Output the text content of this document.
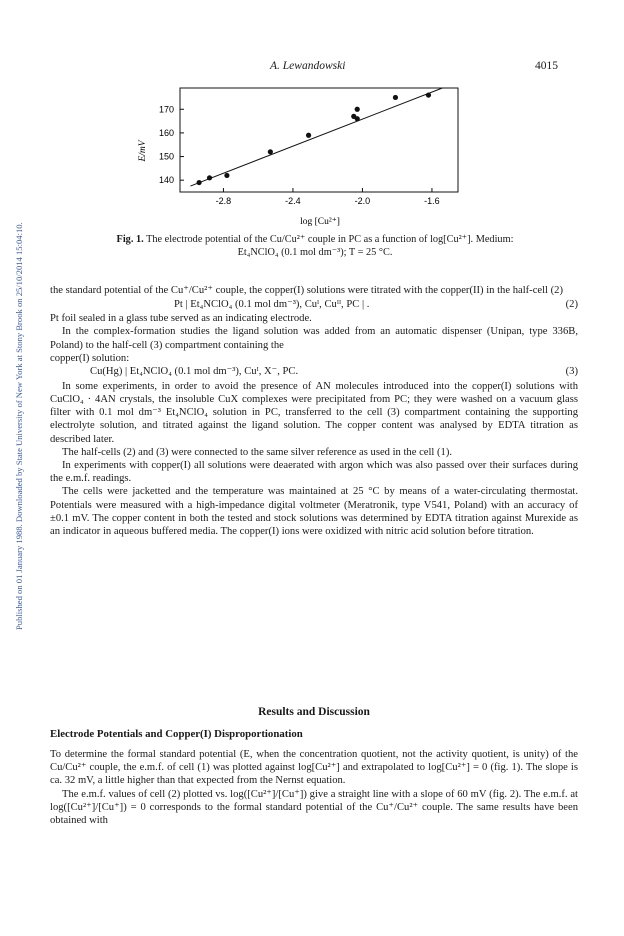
Published on 01 January 1988. Downloaded by State University of New York at Stony Brook on 25/10/2014 15:04:10.
A. Lewandowski	4015
-2.8	-2.4	-2.0	-1.6
140
150
160
170
E/mV
log [Cu²⁺]
Fig. 1. The electrode potential of the Cu/Cu²⁺ couple in PC as a function of log[Cu²⁺]. Medium:
Et₄NClO₄ (0.1 mol dm⁻³); T = 25 °C.

the standard potential of the Cu⁺/Cu²⁺ couple, the copper(I) solutions were titrated with the copper(II) in the half-cell (2)

Pt | Et₄NClO₄ (0.1 mol dm⁻³), Cuᴵ, Cuᴵᴵ, PC | .	(2)

Pt foil sealed in a glass tube served as an indicating electrode.

In the complex-formation studies the ligand solution was added from an automatic dispenser (Unipan, type 336B, Poland) to the half-cell (3) compartment containing the

copper(I) solution:
Cu(Hg) | Et₄NClO₄ (0.1 mol dm⁻³), Cuᴵ, X⁻, PC.	(3)

In some experiments, in order to avoid the presence of AN molecules introduced into the copper(I) solutions with CuClO₄ · 4AN crystals, the insoluble CuX complexes were precipitated from PC; they were washed on a vacuum glass filter with 0.1 mol dm⁻³ Et₄NClO₄ solution in PC, transferred to the cell (3) compartment containing the supporting electrolyte solution, and titrated against the ligand solution. The copper content was analysed by EDTA titration as described later.

The half-cells (2) and (3) were connected to the same silver reference as used in the cell (1).

In experiments with copper(I) all solutions were deaerated with argon which was also passed over their surfaces during the e.m.f. readings.

The cells were jacketted and the temperature was maintained at 25 °C by means of a water-circulating thermostat. Potentials were measured with a high-impedance digital voltmeter (Meratronik, type V541, Poland) with an accuracy of ±0.1 mV. The copper content in both the tested and stock solutions was determined by EDTA titration against Murexide as an indicator in aqueous buffered media. The copper(I) ions were oxidized with nitric acid solution before titration.

Results and Discussion
Electrode Potentials and Copper(I) Disproportionation

To determine the formal standard potential (E, when the concentration quotient, not the activity quotient, is unity) of the Cu/Cu²⁺ couple, the e.m.f. of cell (1) was plotted against log[Cu²⁺] and extrapolated to log[Cu²⁺] = 0 (fig. 1). The slope is ca. 32 mV, a little higher than that expected from the Nernst equation.

The e.m.f. values of cell (2) plotted vs. log([Cu²⁺]/[Cu⁺]) give a straight line with a slope of 60 mV (fig. 2). The e.m.f. at log([Cu²⁺]/[Cu⁺]) = 0 corresponds to the formal standard potential of the Cu⁺/Cu²⁺ couple. The same results have been obtained with
